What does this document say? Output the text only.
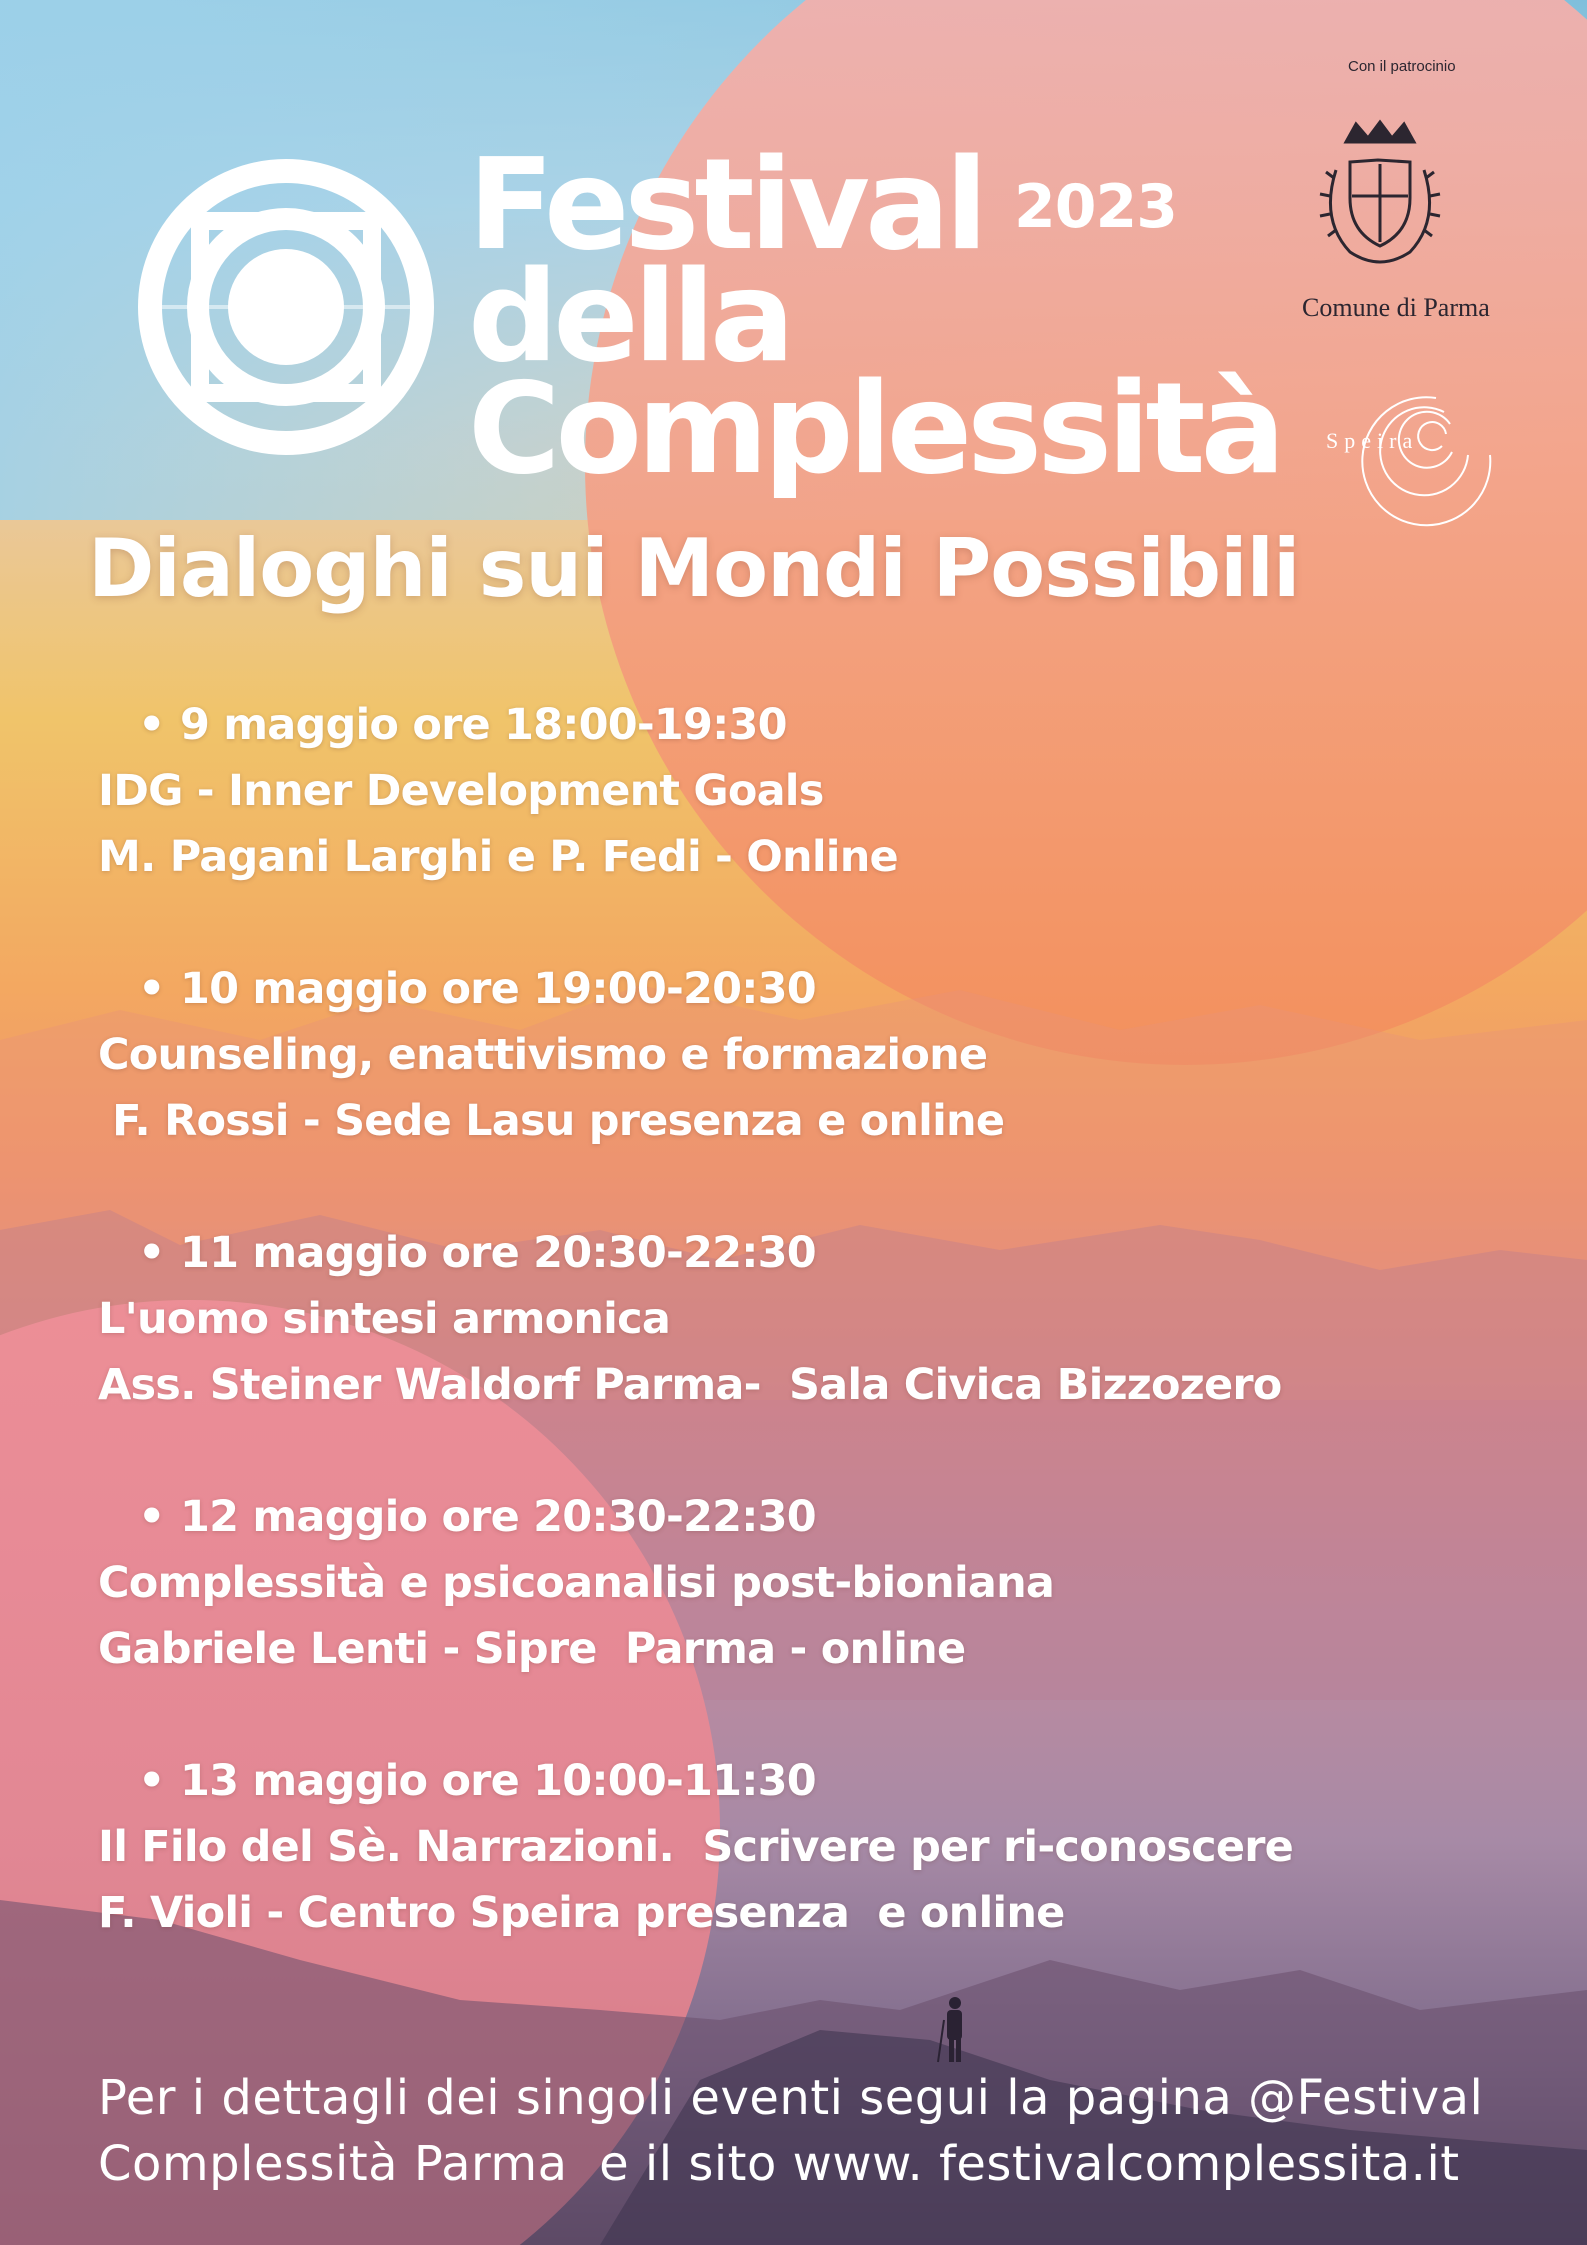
Festival
della
Complessità
2023
Con il patrocinio
Comune di Parma
Speira
Dialoghi sui Mondi Possibili
• 9 maggio ore 18:00-19:30
IDG - Inner Development Goals
M. Pagani Larghi e P. Fedi - Online
• 10 maggio ore 19:00-20:30
Counseling, enattivismo e formazione
F. Rossi - Sede Lasu presenza e online
• 11 maggio ore 20:30-22:30
L'uomo sintesi armonica
Ass. Steiner Waldorf Parma-  Sala Civica Bizzozero
• 12 maggio ore 20:30-22:30
Complessità e psicoanalisi post-bioniana
Gabriele Lenti - Sipre  Parma - online
• 13 maggio ore 10:00-11:30
Il Filo del Sè. Narrazioni.  Scrivere per ri-conoscere
F. Violi - Centro Speira presenza  e online
Per i dettagli dei singoli eventi segui la pagina @Festival
Complessità Parma  e il sito www. festivalcomplessita.it
